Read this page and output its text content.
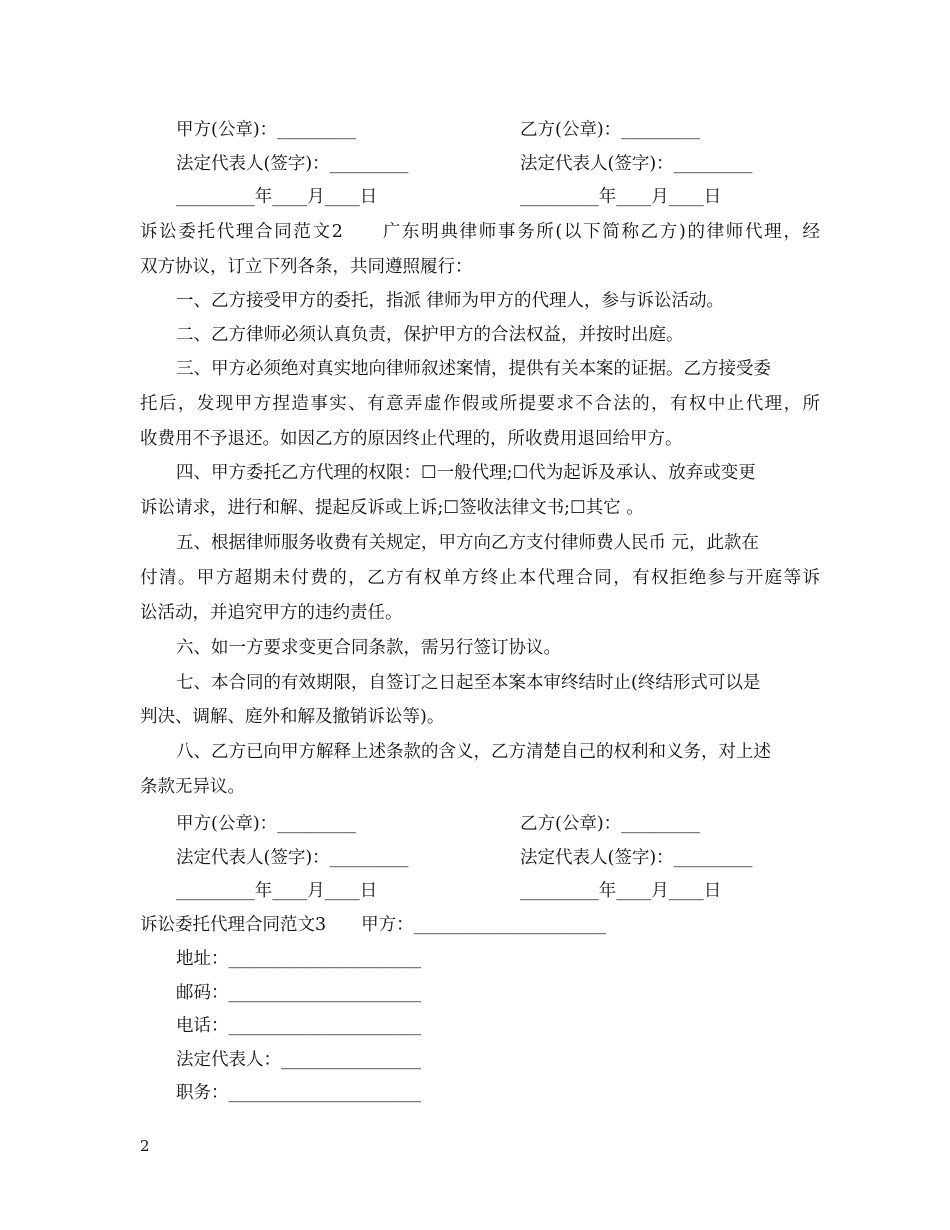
甲方(公章)：_________	乙方(公章)：_________
法定代表人(签字)：_________	法定代表人(签字)：_________
_________年____月____日	_________年____月____日
诉讼委托代理合同范文2　　广东明典律师事务所(以下简称乙方)的律师代理，经
双方协议，订立下列各条，共同遵照履行：
一、乙方接受甲方的委托，指派 律师为甲方的代理人，参与诉讼活动。
二、乙方律师必须认真负责，保护甲方的合法权益，并按时出庭。
三、甲方必须绝对真实地向律师叙述案情，提供有关本案的证据。乙方接受委
托后，发现甲方捏造事实、有意弄虚作假或所提要求不合法的，有权中止代理，所
收费用不予退还。如因乙方的原因终止代理的，所收费用退回给甲方。
四、甲方委托乙方代理的权限：☐一般代理;☐代为起诉及承认、放弃或变更
诉讼请求，进行和解、提起反诉或上诉;☐签收法律文书;☐其它 。
五、根据律师服务收费有关规定，甲方向乙方支付律师费人民币 元，此款在
付清。甲方超期未付费的，乙方有权单方终止本代理合同，有权拒绝参与开庭等诉
讼活动，并追究甲方的违约责任。
六、如一方要求变更合同条款，需另行签订协议。
七、本合同的有效期限，自签订之日起至本案本审终结时止(终结形式可以是
判决、调解、庭外和解及撤销诉讼等)。
八、乙方已向甲方解释上述条款的含义，乙方清楚自己的权利和义务，对上述
条款无异议。
甲方(公章)：_________	乙方(公章)：_________
法定代表人(签字)：_________	法定代表人(签字)：_________
_________年____月____日	_________年____月____日
诉讼委托代理合同范文3　　甲方：______________________
地址：______________________
邮码：______________________
电话：______________________
法定代表人：________________
职务：______________________
2
